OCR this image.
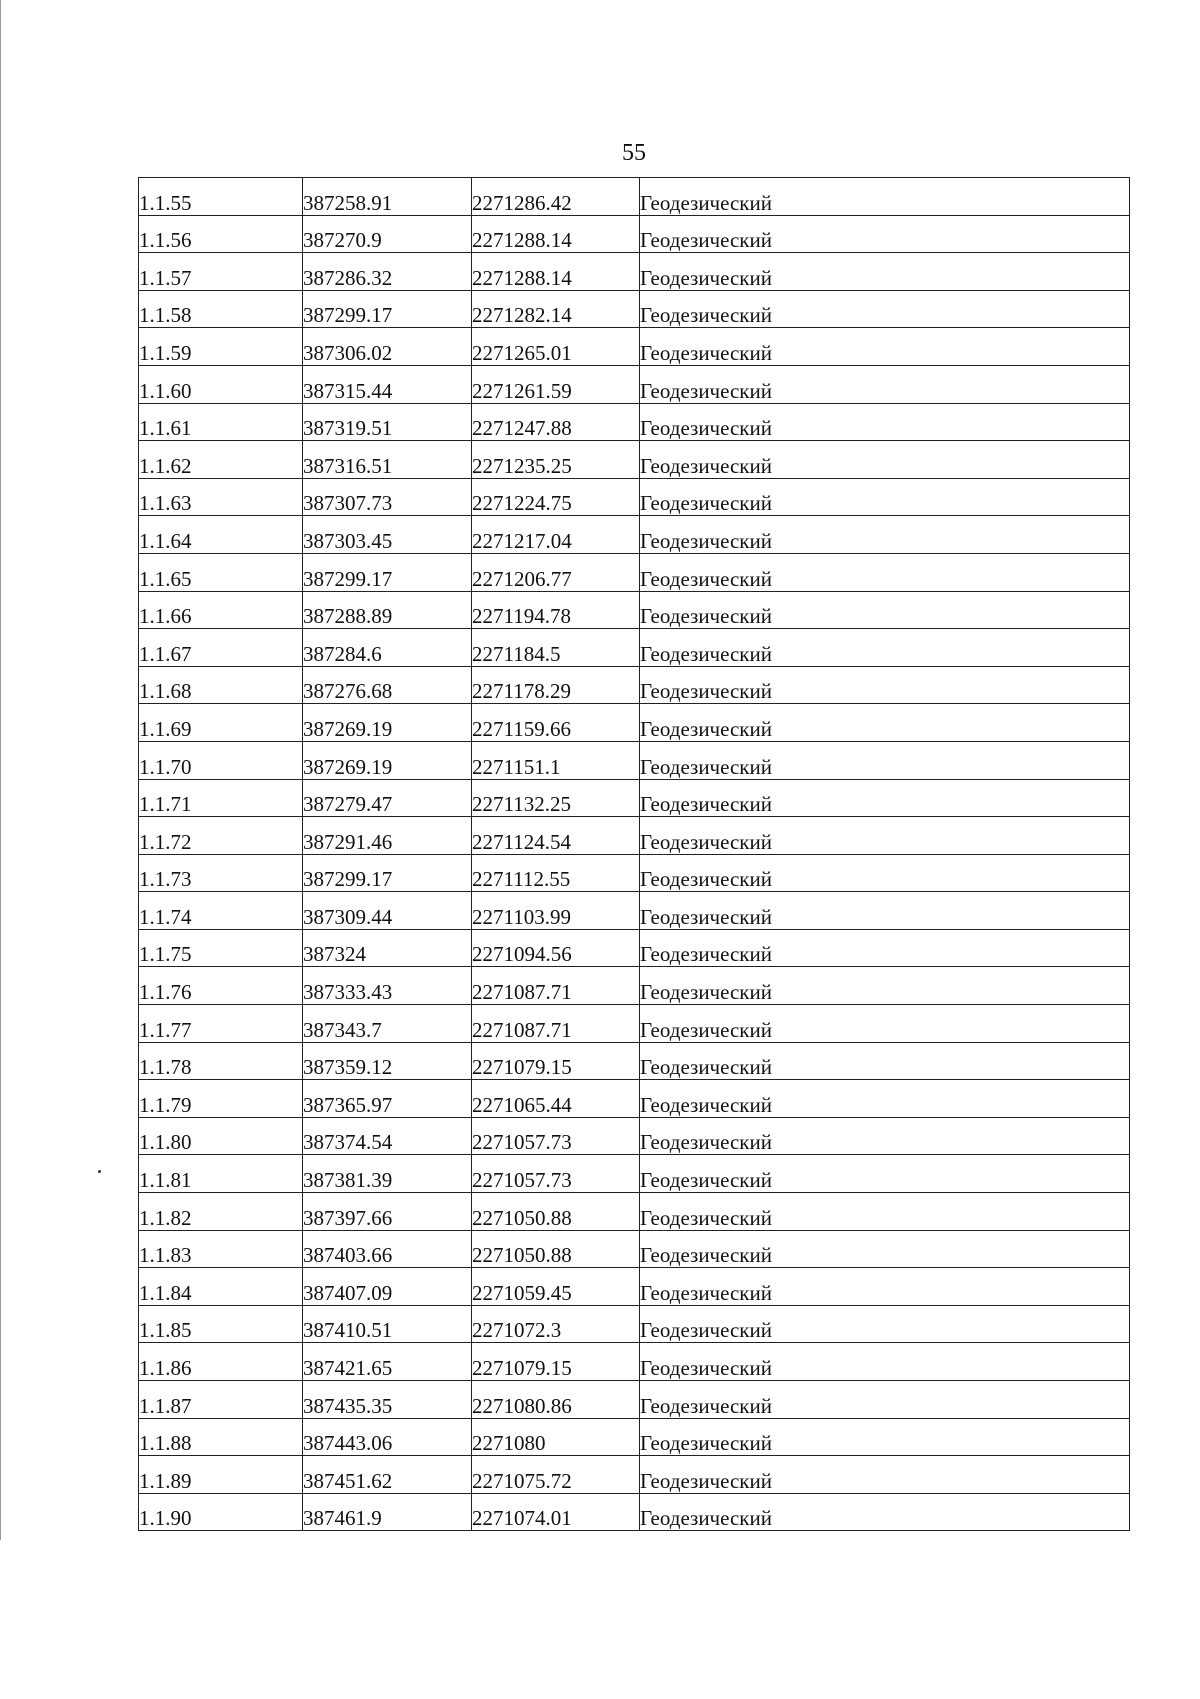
55
1.1.55	387258.91	2271286.42	Геодезический
1.1.56	387270.9	2271288.14	Геодезический
1.1.57	387286.32	2271288.14	Геодезический
1.1.58	387299.17	2271282.14	Геодезический
1.1.59	387306.02	2271265.01	Геодезический
1.1.60	387315.44	2271261.59	Геодезический
1.1.61	387319.51	2271247.88	Геодезический
1.1.62	387316.51	2271235.25	Геодезический
1.1.63	387307.73	2271224.75	Геодезический
1.1.64	387303.45	2271217.04	Геодезический
1.1.65	387299.17	2271206.77	Геодезический
1.1.66	387288.89	2271194.78	Геодезический
1.1.67	387284.6	2271184.5	Геодезический
1.1.68	387276.68	2271178.29	Геодезический
1.1.69	387269.19	2271159.66	Геодезический
1.1.70	387269.19	2271151.1	Геодезический
1.1.71	387279.47	2271132.25	Геодезический
1.1.72	387291.46	2271124.54	Геодезический
1.1.73	387299.17	2271112.55	Геодезический
1.1.74	387309.44	2271103.99	Геодезический
1.1.75	387324	2271094.56	Геодезический
1.1.76	387333.43	2271087.71	Геодезический
1.1.77	387343.7	2271087.71	Геодезический
1.1.78	387359.12	2271079.15	Геодезический
1.1.79	387365.97	2271065.44	Геодезический
1.1.80	387374.54	2271057.73	Геодезический
1.1.81	387381.39	2271057.73	Геодезический
1.1.82	387397.66	2271050.88	Геодезический
1.1.83	387403.66	2271050.88	Геодезический
1.1.84	387407.09	2271059.45	Геодезический
1.1.85	387410.51	2271072.3	Геодезический
1.1.86	387421.65	2271079.15	Геодезический
1.1.87	387435.35	2271080.86	Геодезический
1.1.88	387443.06	2271080	Геодезический
1.1.89	387451.62	2271075.72	Геодезический
1.1.90	387461.9	2271074.01	Геодезический
